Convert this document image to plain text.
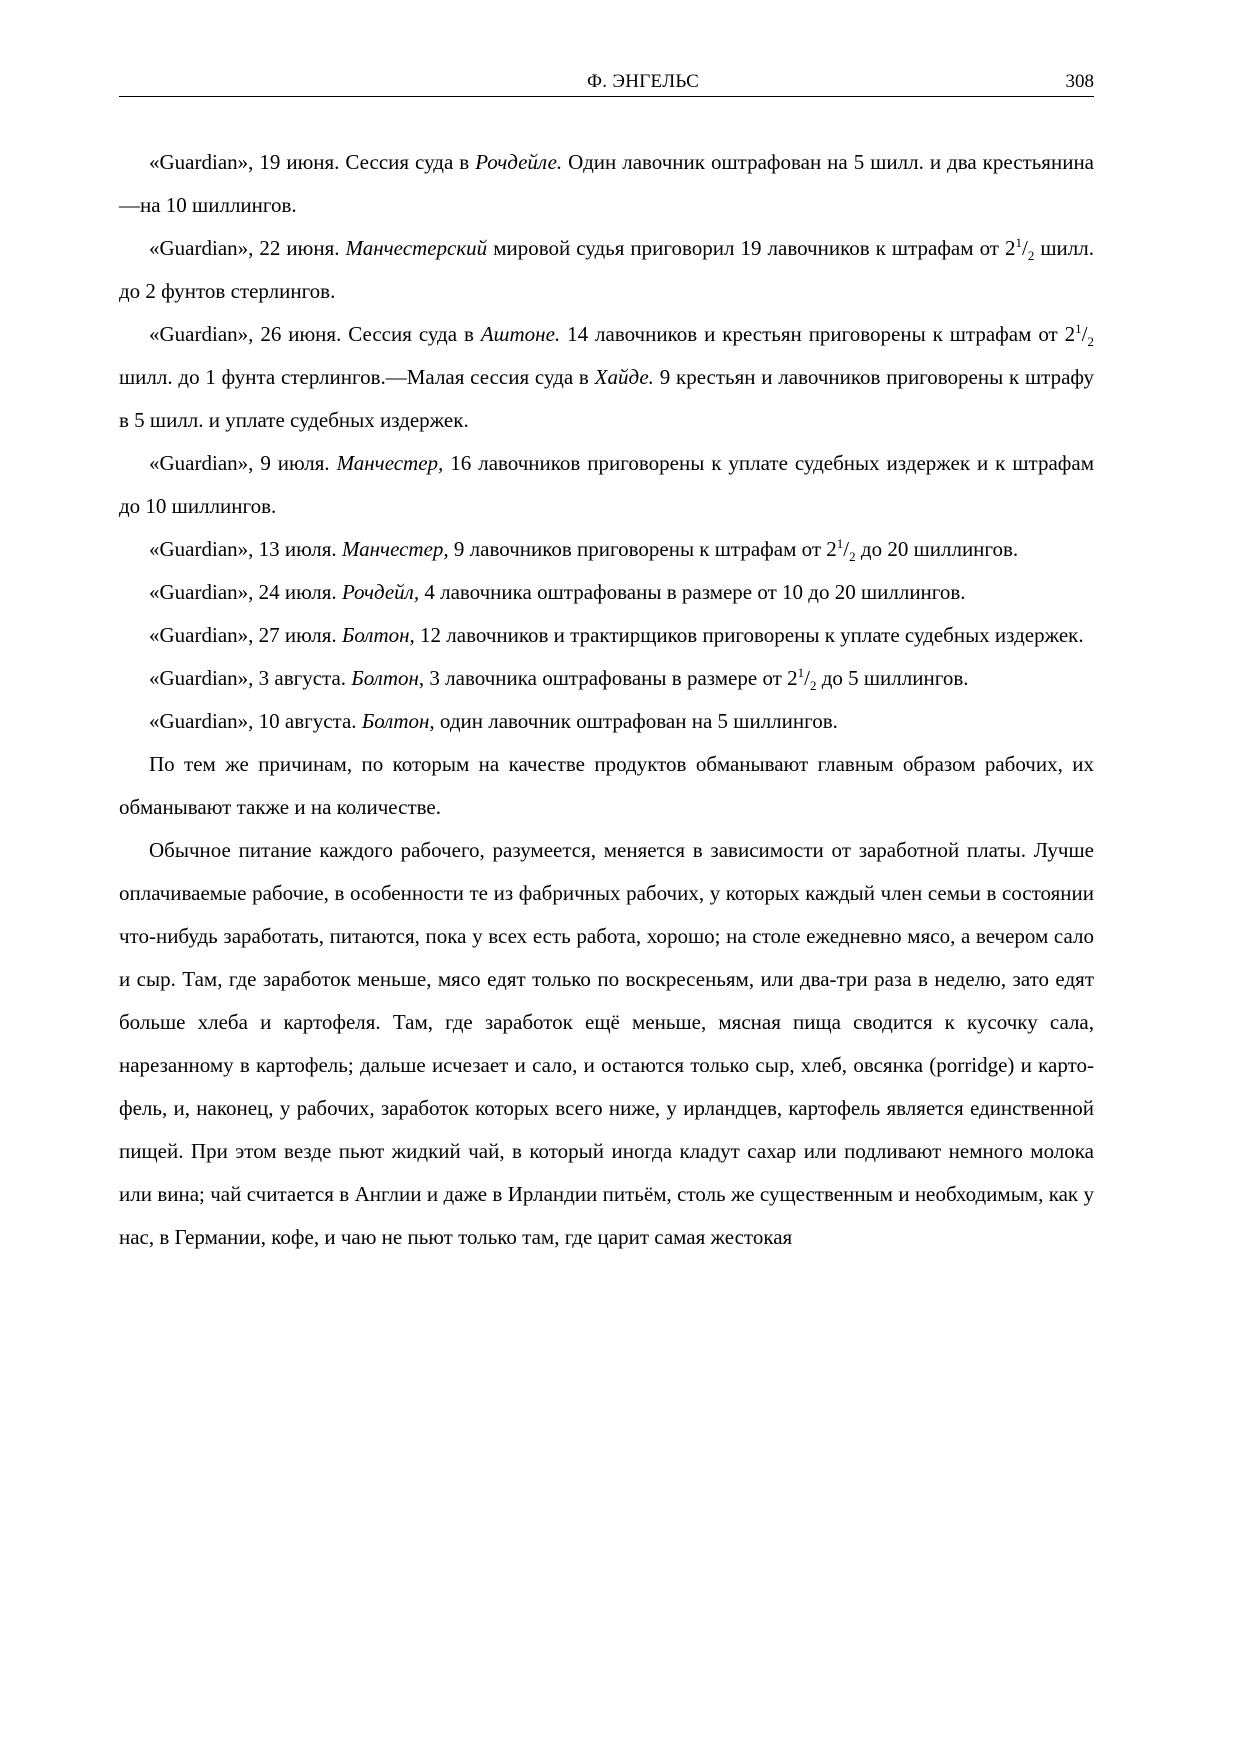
Ф. ЭНГЕЛЬС	308

«Guardian», 19 июня. Сессия суда в Рочдейле. Один лавочник оштрафован на 5 шилл. и два крестьянина—на 10 шиллингов.

«Guardian», 22 июня. Манчестерский мировой судья приговорил 19 лавочников к штрафам от $2^1/_2$ шилл. до 2 фунтов стерлингов.

«Guardian», 26 июня. Сессия суда в Аштоне. 14 лавочников и крестьян приговорены к штрафам от $2^1/_2$ шилл. до 1 фунта стерлингов.—Малая сессия суда в Хайде. 9 крестьян и лавочников приговорены к штрафу в 5 шилл. и уплате судебных издержек.

«Guardian», 9 июля. Манчестер, 16 лавочников приговорены к уплате судебных издержек и к штрафам до 10 шиллингов.

«Guardian», 13 июля. Манчестер, 9 лавочников приговорены к штрафам от $2^1/_2$ до 20 шиллингов.

«Guardian», 24 июля. Рочдейл, 4 лавочника оштрафованы в размере от 10 до 20 шиллингов.

«Guardian», 27 июля. Болтон, 12 лавочников и трактирщиков приговорены к уплате судебных издержек.

«Guardian», 3 августа. Болтон, 3 лавочника оштрафованы в размере от $2^1/_2$ до 5 шиллингов.

«Guardian», 10 августа. Болтон, один лавочник оштрафован на 5 шиллингов.

По тем же причинам, по которым на качестве продуктов обманывают главным образом рабочих, их обманывают также и на количестве.

Обычное питание каждого рабочего, разумеется, меняется в зависимости от заработной платы. Лучше оплачиваемые рабочие, в особенности те из фабричных рабочих, у которых каждый член семьи в состоянии что-нибудь заработать, питаются, пока у всех есть работа, хорошо; на столе ежедневно мясо, а вечером сало и сыр. Там, где заработок меньше, мясо едят только по воскресеньям, или два-три раза в неделю, зато едят больше хлеба и картофеля. Там, где заработок ещё меньше, мясная пища сводится к кусочку сала, нарезанному в картофель; дальше исчезает и сало, и остаются только сыр, хлеб, овсянка (porridge) и картофель, и, наконец, у рабочих, заработок которых всего ниже, у ирландцев, картофель является единственной пищей. При этом везде пьют жидкий чай, в который иногда кладут сахар или подливают немного молока или вина; чай считается в Англии и даже в Ирландии питьём, столь же существенным и необходимым, как у нас, в Германии, кофе, и чаю не пьют только там, где царит самая жестокая
